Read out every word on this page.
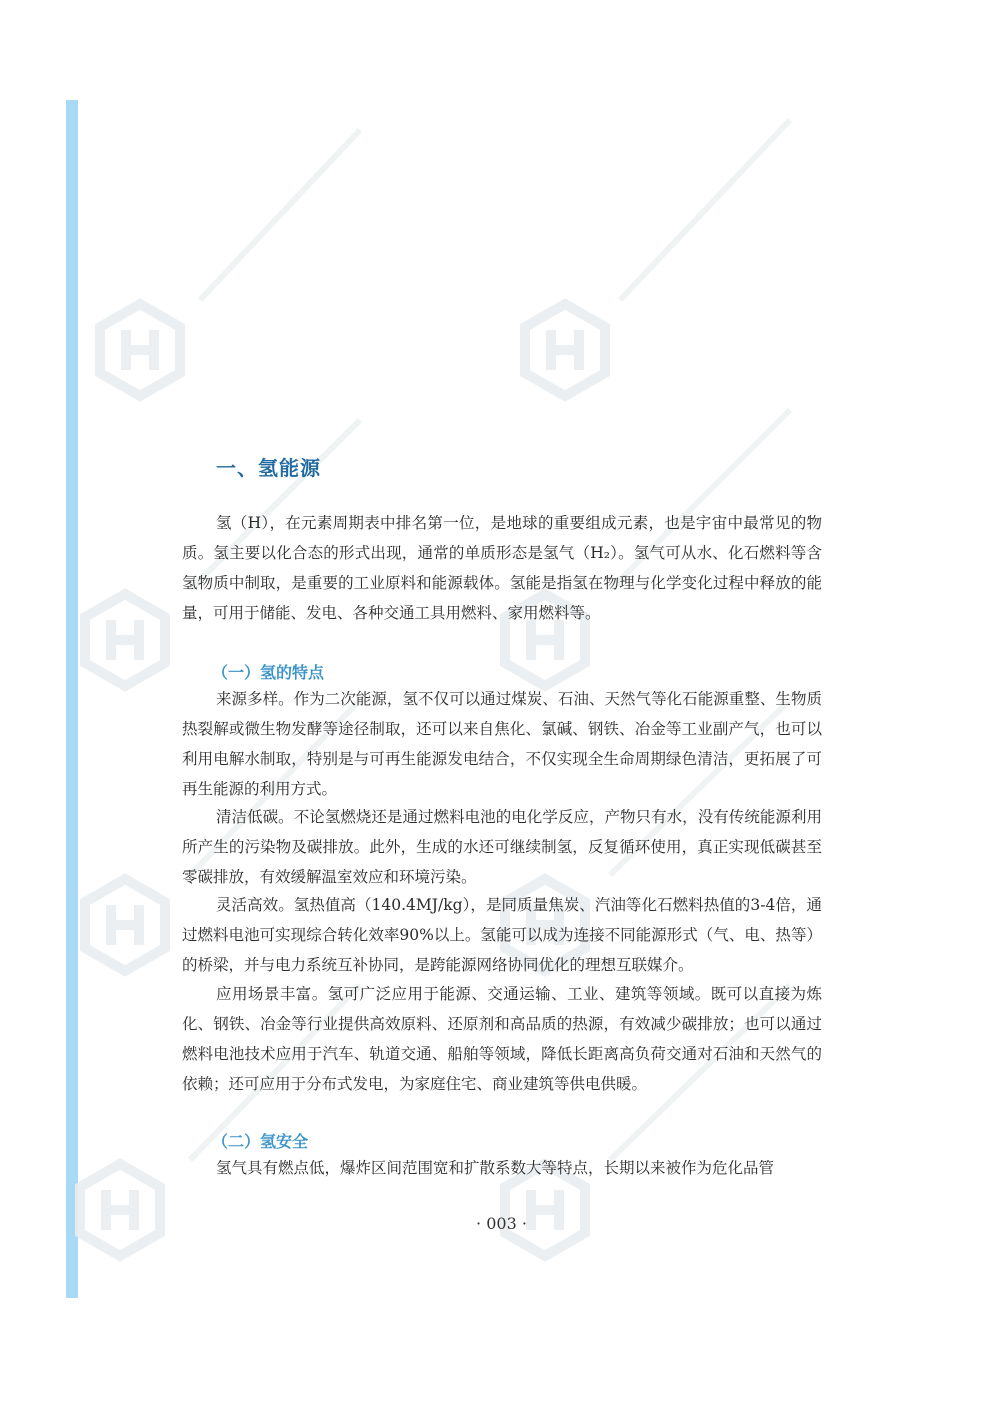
一、氢能源

氢（H），在元素周期表中排名第一位，是地球的重要组成元素，也是宇宙中最常见的物质。氢主要以化合态的形式出现，通常的单质形态是氢气（H₂）。氢气可从水、化石燃料等含氢物质中制取，是重要的工业原料和能源载体。氢能是指氢在物理与化学变化过程中释放的能量，可用于储能、发电、各种交通工具用燃料、家用燃料等。

（一）氢的特点

来源多样。作为二次能源，氢不仅可以通过煤炭、石油、天然气等化石能源重整、生物质热裂解或微生物发酵等途径制取，还可以来自焦化、氯碱、钢铁、冶金等工业副产气，也可以利用电解水制取，特别是与可再生能源发电结合，不仅实现全生命周期绿色清洁，更拓展了可再生能源的利用方式。

清洁低碳。不论氢燃烧还是通过燃料电池的电化学反应，产物只有水，没有传统能源利用所产生的污染物及碳排放。此外，生成的水还可继续制氢，反复循环使用，真正实现低碳甚至零碳排放，有效缓解温室效应和环境污染。

灵活高效。氢热值高（140.4MJ/kg），是同质量焦炭、汽油等化石燃料热值的3-4倍，通过燃料电池可实现综合转化效率90%以上。氢能可以成为连接不同能源形式（气、电、热等）的桥梁，并与电力系统互补协同，是跨能源网络协同优化的理想互联媒介。

应用场景丰富。氢可广泛应用于能源、交通运输、工业、建筑等领域。既可以直接为炼化、钢铁、冶金等行业提供高效原料、还原剂和高品质的热源，有效减少碳排放；也可以通过燃料电池技术应用于汽车、轨道交通、船舶等领域，降低长距离高负荷交通对石油和天然气的依赖；还可应用于分布式发电，为家庭住宅、商业建筑等供电供暖。

（二）氢安全

氢气具有燃点低，爆炸区间范围宽和扩散系数大等特点，长期以来被作为危化品管

· 003 ·
